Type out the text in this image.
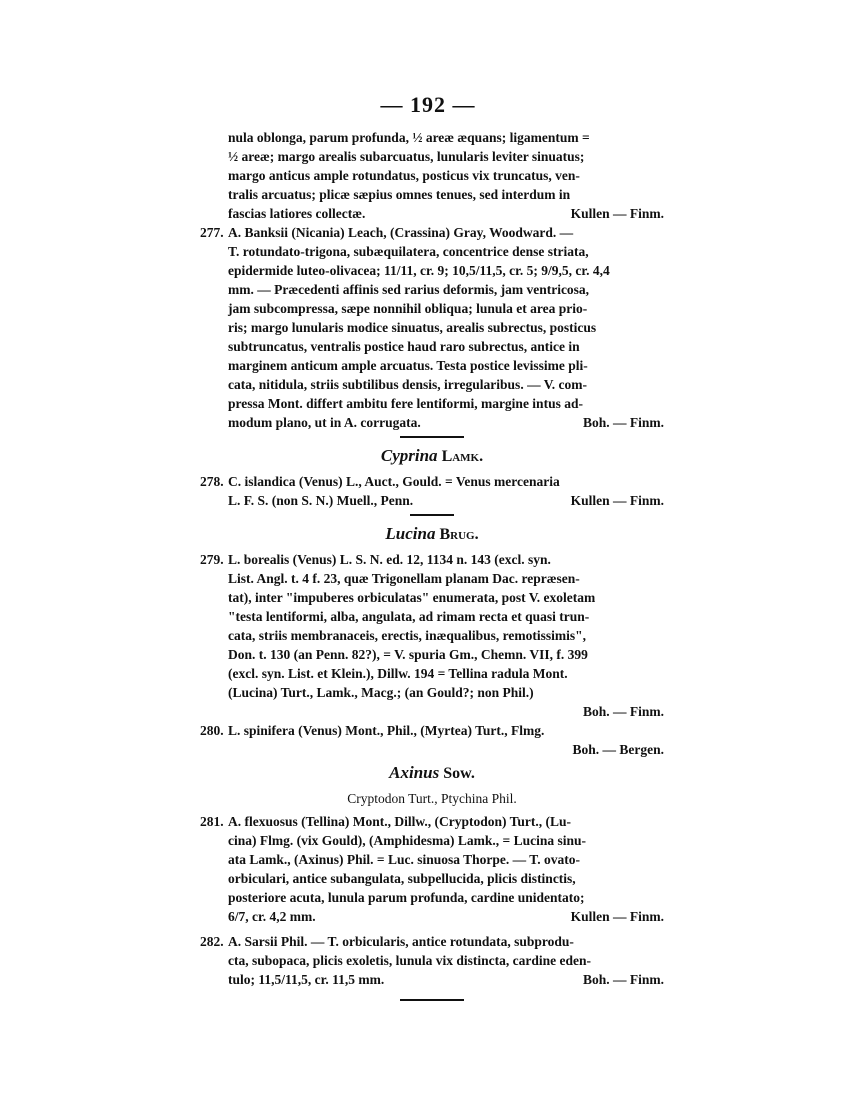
— 192 —
nula oblonga, parum profunda, ½ areæ æquans; ligamentum =
½ areæ; margo arealis subarcuatus, lunularis leviter sinuatus;
margo anticus ample rotundatus, posticus vix truncatus, ven-
tralis arcuatus; plicæ sæpius omnes tenues, sed interdum in
fascias latiores collectæ.	Kullen — Finm.
277. A. Banksii (Nicania) Leach, (Crassina) Gray, Woodward. —
T. rotundato-trigona, subæquilatera, concentrice dense striata,
epidermide luteo-olivacea; 11/11, cr. 9; 10,5/11,5, cr. 5; 9/9,5, cr. 4,4
mm. — Præcedenti affinis sed rarius deformis, jam ventricosa,
jam subcompressa, sæpe nonnihil obliqua; lunula et area prio-
ris; margo lunularis modice sinuatus, arealis subrectus, posticus
subtruncatus, ventralis postice haud raro subrectus, antice in
marginem anticum ample arcuatus. Testa postice levissime pli-
cata, nitidula, striis subtilibus densis, irregularibus. — V. com-
pressa Mont. differt ambitu fere lentiformi, margine intus ad-
modum plano, ut in A. corrugata.	Boh. — Finm.
Cyprina Lamk.
278. C. islandica (Venus) L., Auct., Gould. = Venus mercenaria
L. F. S. (non S. N.) Muell., Penn.	Kullen — Finm.
Lucina Brug.
279. L. borealis (Venus) L. S. N. ed. 12, 1134 n. 143 (excl. syn.
List. Angl. t. 4 f. 23, quæ Trigonellam planam Dac. repræsen-
tat), inter "impuberes orbiculatas" enumerata, post V. exoletam
"testa lentiformi, alba, angulata, ad rimam recta et quasi trun-
cata, striis membranaceis, erectis, inæqualibus, remotissimis",
Don. t. 130 (an Penn. 82?), = V. spuria Gm., Chemn. VII, f. 399
(excl. syn. List. et Klein.), Dillw. 194 = Tellina radula Mont.
(Lucina) Turt., Lamk., Macg.; (an Gould?; non Phil.)
Boh. — Finm.
280. L. spinifera (Venus) Mont., Phil., (Myrtea) Turt., Flmg.
Boh. — Bergen.
Axinus Sow.
Cryptodon Turt., Ptychina Phil.
281. A. flexuosus (Tellina) Mont., Dillw., (Cryptodon) Turt., (Lu-
cina) Flmg. (vix Gould), (Amphidesma) Lamk., = Lucina sinu-
ata Lamk., (Axinus) Phil. = Luc. sinuosa Thorpe. — T. ovato-
orbiculari, antice subangulata, subpellucida, plicis distinctis,
posteriore acuta, lunula parum profunda, cardine unidentato;
6/7, cr. 4,2 mm.	Kullen — Finm.
282. A. Sarsii Phil. — T. orbicularis, antice rotundata, subprodu-
cta, subopaca, plicis exoletis, lunula vix distincta, cardine eden-
tulo; 11,5/11,5, cr. 11,5 mm.	Boh. — Finm.
